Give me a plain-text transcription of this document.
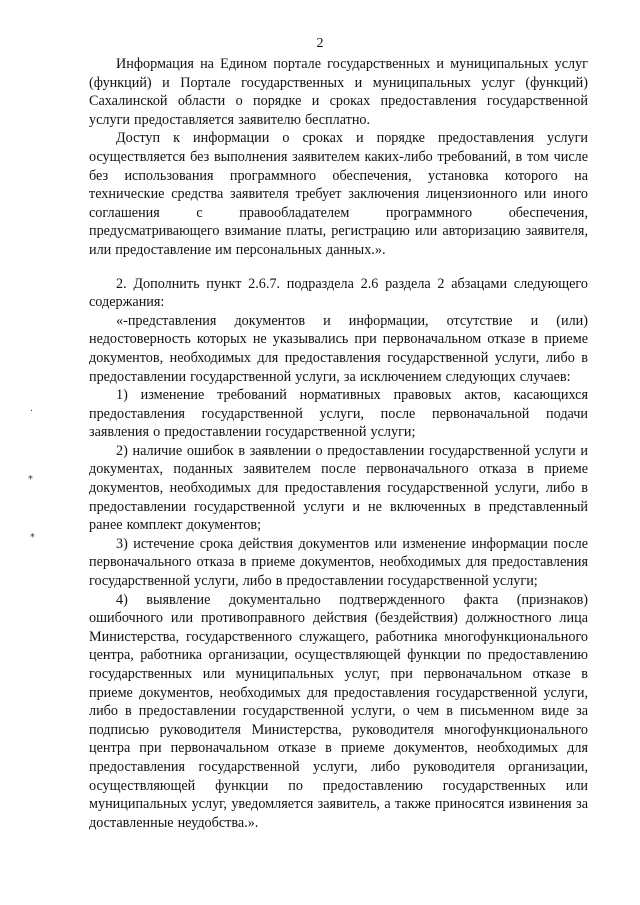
2
.
*
*

Информация на Едином портале государственных и муниципальных услуг (функций) и Портале государственных и муниципальных услуг (функций) Сахалинской области о порядке и сроках предоставления государственной услуги предоставляется заявителю бесплатно.

Доступ к информации о сроках и порядке предоставления услуги осуществляется без выполнения заявителем каких-либо требований, в том числе без использования программного обеспечения, установка которого на технические средства заявителя требует заключения лицензионного или иного соглашения с правообладателем программного обеспечения, предусматривающего взимание платы, регистрацию или авторизацию заявителя, или предоставление им персональных данных.».

2. Дополнить пункт 2.6.7. подраздела 2.6 раздела 2 абзацами следующего содержания:

«-представления документов и информации, отсутствие и (или) недостоверность которых не указывались при первоначальном отказе в приеме документов, необходимых для предоставления государственной услуги, либо в предоставлении государственной услуги, за исключением следующих случаев:

1) изменение требований нормативных правовых актов, касающихся предоставления государственной услуги, после первоначальной подачи заявления о предоставлении государственной услуги;

2) наличие ошибок в заявлении о предоставлении государственной услуги и документах, поданных заявителем после первоначального отказа в приеме документов, необходимых для предоставления государственной услуги, либо в предоставлении государственной услуги и не включенных в представленный ранее комплект документов;

3) истечение срока действия документов или изменение информации после первоначального отказа в приеме документов, необходимых для предоставления государственной услуги, либо в предоставлении государственной услуги;

4) выявление документально подтвержденного факта (признаков) ошибочного или противоправного действия (бездействия) должностного лица Министерства, государственного служащего, работника многофункционального центра, работника организации, осуществляющей функции по предоставлению государственных или муниципальных услуг, при первоначальном отказе в приеме документов, необходимых для предоставления государственной услуги, либо в предоставлении государственной услуги, о чем в письменном виде за подписью руководителя Министерства, руководителя многофункционального центра при первоначальном отказе в приеме документов, необходимых для предоставления государственной услуги, либо руководителя организации, осуществляющей функции по предоставлению государственных или муниципальных услуг, уведомляется заявитель, а также приносятся извинения за доставленные неудобства.».
